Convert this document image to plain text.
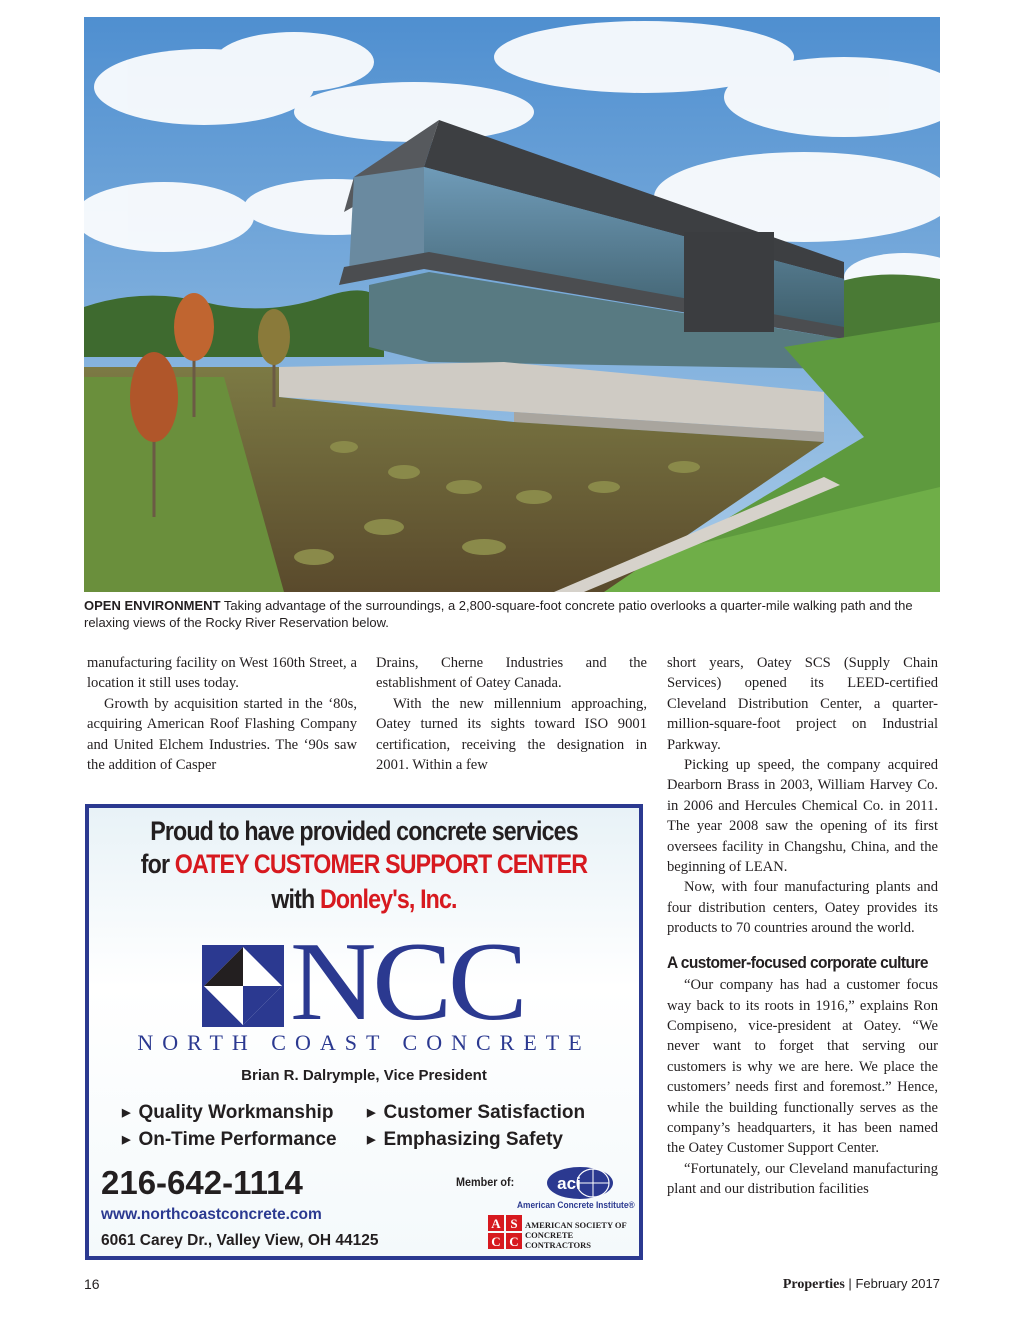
OPEN ENVIRONMENT Taking advantage of the surroundings, a 2,800-square-foot concrete patio overlooks a quarter-mile walking path and the relaxing views of the Rocky River Reservation below.

manufacturing facility on West 160th Street, a location it still uses today.

Growth by acquisition started in the ‘80s, acquiring American Roof Flashing Company and United Elchem Industries. The ‘90s saw the addition of Casper

Drains, Cherne Industries and the establishment of Oatey Canada.

With the new millennium approaching, Oatey turned its sights toward ISO 9001 certification, receiving the designation in 2001. Within a few

short years, Oatey SCS (Supply Chain Services) opened its LEED-certified Cleveland Distribution Center, a quarter-million-square-foot project on Industrial Parkway.

Picking up speed, the company acquired Dearborn Brass in 2003, William Harvey Co. in 2006 and Hercules Chemical Co. in 2011. The year 2008 saw the opening of its first oversees facility in Changshu, China, and the beginning of LEAN.

Now, with four manufacturing plants and four distribution centers, Oatey provides its products to 70 countries around the world.

A customer-focused corporate culture

“Our company has had a customer focus way back to its roots in 1916,” explains Ron Compiseno, vice-president at Oatey. “We never want to forget that serving our customers is why we are here. We place the customers’ needs first and foremost.” Hence, while the building functionally serves as the company’s headquarters, it has been named the Oatey Customer Support Center.

“Fortunately, our Cleveland manufacturing plant and our distribution facilities

Proud to have provided concrete services
for OATEY CUSTOMER SUPPORT CENTER
with Donley's, Inc.
NCC
NORTH COAST CONCRETE
Brian R. Dalrymple, Vice President
▶ Quality Workmanship	▶ Customer Satisfaction
▶ On-Time Performance	▶ Emphasizing Safety
216-642-1114
www.northcoastconcrete.com
6061 Carey Dr., Valley View, OH 44125
Member of:	aci
American Concrete Institute®
A S
C C
AMERICAN SOCIETY OF
CONCRETE CONTRACTORS
16	Properties | February 2017
